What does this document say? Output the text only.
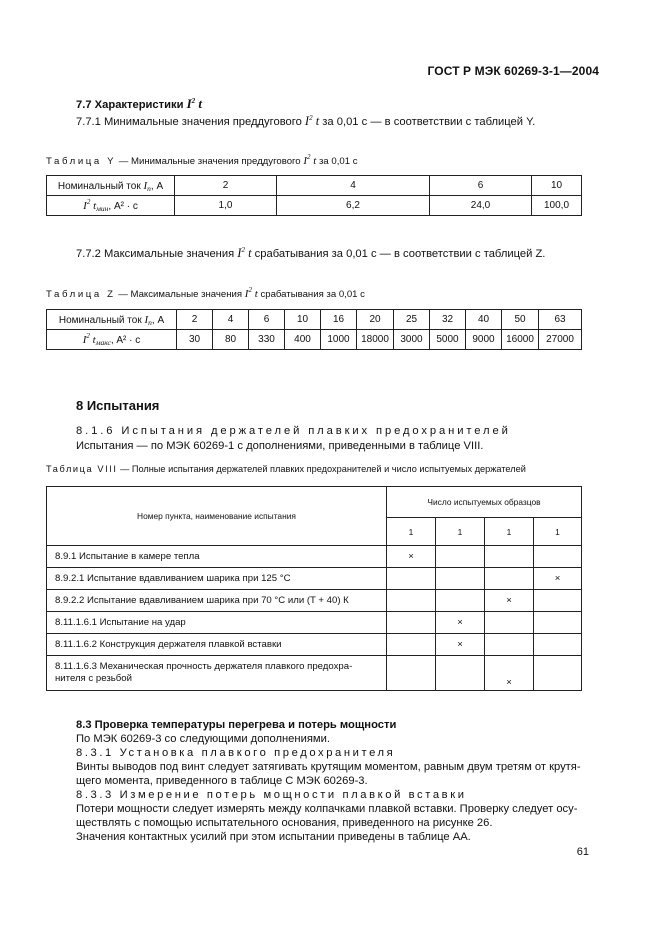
ГОСТ Р МЭК 60269-3-1—2004
7.7 Характеристики $I^2$ t
7.7.1 Минимальные значения преддугового $I^2$ t за 0,01 с — в соответствии с таблицей Y.
Таблица Y — Минимальные значения преддугового $I^2$ t за 0,01 с
Номинальный ток $I_n$, А	2	4	6	10
$I^2$ $t_{мин}$, А² · с	1,0	6,2	24,0	100,0
7.7.2 Максимальные значения $I^2$ t срабатывания за 0,01 с — в соответствии с таблицей Z.
Таблица Z — Максимальные значения $I^2$ t срабатывания за 0,01 с
Номинальный ток $I_n$, А	2	4	6	10	16	20	25	32	40	50	63
$I^2$ $t_{макс}$, А² · с	30	80	330	400	1000	18000	3000	5000	9000	16000	27000
8 Испытания
8.1.6 Испытания держателей плавких предохранителей
Испытания — по МЭК 60269-1 с дополнениями, приведенными в таблице VIII.
Таблица VIII — Полные испытания держателей плавких предохранителей и число испытуемых держателей
Номер пункта, наименование испытания	Число испытуемых образцов			
	1	1	1	1
8.9.1 Испытание в камере тепла	×			
8.9.2.1 Испытание вдавливанием шарика при 125 °С				×
8.9.2.2 Испытание вдавливанием шарика при 70 °С или (T + 40) К			×	
8.11.1.6.1 Испытание на удар		×		
8.11.1.6.2 Конструкция держателя плавкой вставки		×		

8.11.1.6.3 Механическая прочность держателя плавкого предохра-
нителя с резьбой			×	
8.3 Проверка температуры перегрева и потерь мощности
По МЭК 60269-3 со следующими дополнениями.
8.3.1 Установка плавкого предохранителя
Винты выводов под винт следует затягивать крутящим моментом, равным двум третям от крутя-
щего момента, приведенного в таблице С МЭК 60269-3.
8.3.3 Измерение потерь мощности плавкой вставки
Потери мощности следует измерять между колпачками плавкой вставки. Проверку следует осу-
ществлять с помощью испытательного основания, приведенного на рисунке 26.
Значения контактных усилий при этом испытании приведены в таблице АА.
61
